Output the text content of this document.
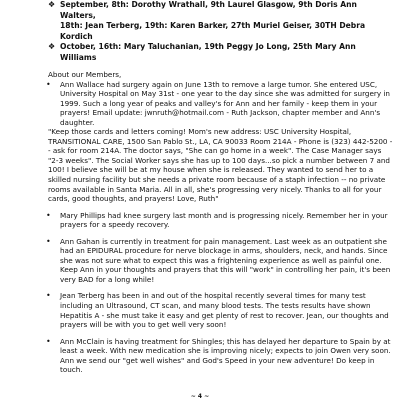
❖ September, 8th: Dorothy Wrathall, 9th Laurel Glasgow, 9th Doris Ann Walters,
18th: Jean Terberg, 19th: Karen Barker, 27th Muriel Geiser, 30TH Debra Kordich
❖ October, 16th: Mary Taluchanian, 19th Peggy Jo Long, 25th Mary Ann Williams

About our Members,

•	Ann Wallace had surgery again on June 13th to remove a large tumor. She entered USC, University Hospital on May 31st - one year to the day since she was admitted for surgery in 1999. Such a long year of peaks and valley's for Ann and her family - keep them in your prayers! Email update: jwnruth@hotmail.com - Ruth Jackson, chapter member and Ann's daughter.

"Keep those cards and letters coming! Mom's new address: USC University Hospital, TRANSITIONAL CARE, 1500 San Pablo St., LA, CA 90033 Room 214A - Phone is (323) 442-5200 -- ask for room 214A. The doctor says, "She can go home in a week". The Case Manager says "2-3 weeks". The Social Worker says she has up to 100 days...so pick a number between 7 and 100! I believe she will be at my house when she is released. They wanted to send her to a skilled nursing facility but she needs a private room because of a staph infection -- no private rooms available in Santa Maria. All in all, she's progressing very nicely. Thanks to all for your cards, good thoughts, and prayers! Love, Ruth"

•	Mary Phillips had knee surgery last month and is progressing nicely. Remember her in your prayers for a speedy recovery.
•	Ann Gahan is currently in treatment for pain management. Last week as an outpatient she had an EPIDURAL procedure for nerve blockage in arms, shoulders, neck, and hands. Since she was not sure what to expect this was a frightening experience as well as painful one. Keep Ann in your thoughts and prayers that this will "work" in controlling her pain, it's been very BAD for a long while!
•	Jean Terberg has been in and out of the hospital recently several times for many test including an Ultrasound, CT scan, and many blood tests. The tests results have shown Hepatitis A - she must take it easy and get plenty of rest to recover. Jean, our thoughts and prayers will be with you to get well very soon!
•	Ann McClain is having treatment for Shingles; this has delayed her departure to Spain by at least a week. With new medication she is improving nicely; expects to join Owen very soon. Ann we send our "get well wishes" and God's Speed in your new adventure! Do keep in touch.
~ 4 ~
